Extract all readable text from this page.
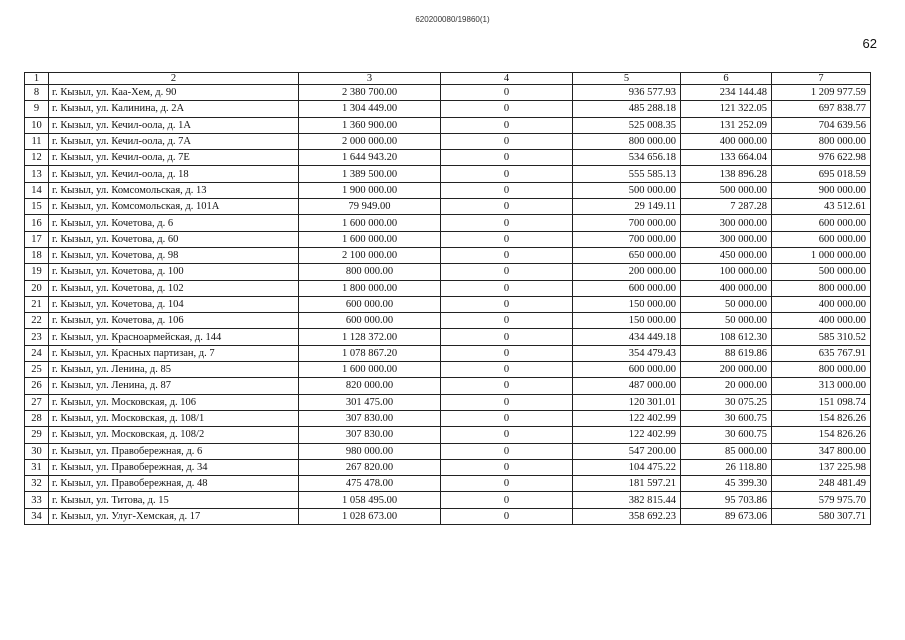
620200080/19860(1)
62
1	2	3	4	5	6	7
8	г. Кызыл, ул. Каа-Хем, д. 90	2 380 700.00	0	936 577.93	234 144.48	1 209 977.59
9	г. Кызыл, ул. Калинина, д. 2А	1 304 449.00	0	485 288.18	121 322.05	697 838.77
10	г. Кызыл, ул. Кечил-оола, д. 1А	1 360 900.00	0	525 008.35	131 252.09	704 639.56
11	г. Кызыл, ул. Кечил-оола, д. 7А	2 000 000.00	0	800 000.00	400 000.00	800 000.00
12	г. Кызыл, ул. Кечил-оола, д. 7Е	1 644 943.20	0	534 656.18	133 664.04	976 622.98
13	г. Кызыл, ул. Кечил-оола, д. 18	1 389 500.00	0	555 585.13	138 896.28	695 018.59
14	г. Кызыл, ул. Комсомольская, д. 13	1 900 000.00	0	500 000.00	500 000.00	900 000.00
15	г. Кызыл, ул. Комсомольская, д. 101А	79 949.00	0	29 149.11	7 287.28	43 512.61
16	г. Кызыл, ул. Кочетова, д. 6	1 600 000.00	0	700 000.00	300 000.00	600 000.00
17	г. Кызыл, ул. Кочетова, д. 60	1 600 000.00	0	700 000.00	300 000.00	600 000.00
18	г. Кызыл, ул. Кочетова, д. 98	2 100 000.00	0	650 000.00	450 000.00	1 000 000.00
19	г. Кызыл, ул. Кочетова, д. 100	800 000.00	0	200 000.00	100 000.00	500 000.00
20	г. Кызыл, ул. Кочетова, д. 102	1 800 000.00	0	600 000.00	400 000.00	800 000.00
21	г. Кызыл, ул. Кочетова, д. 104	600 000.00	0	150 000.00	50 000.00	400 000.00
22	г. Кызыл, ул. Кочетова, д. 106	600 000.00	0	150 000.00	50 000.00	400 000.00
23	г. Кызыл, ул. Красноармейская, д. 144	1 128 372.00	0	434 449.18	108 612.30	585 310.52
24	г. Кызыл, ул. Красных партизан, д. 7	1 078 867.20	0	354 479.43	88 619.86	635 767.91
25	г. Кызыл, ул. Ленина, д. 85	1 600 000.00	0	600 000.00	200 000.00	800 000.00
26	г. Кызыл, ул. Ленина, д. 87	820 000.00	0	487 000.00	20 000.00	313 000.00
27	г. Кызыл, ул. Московская, д. 106	301 475.00	0	120 301.01	30 075.25	151 098.74
28	г. Кызыл, ул. Московская, д. 108/1	307 830.00	0	122 402.99	30 600.75	154 826.26
29	г. Кызыл, ул. Московская, д. 108/2	307 830.00	0	122 402.99	30 600.75	154 826.26
30	г. Кызыл, ул. Правобережная, д. 6	980 000.00	0	547 200.00	85 000.00	347 800.00
31	г. Кызыл, ул. Правобережная, д. 34	267 820.00	0	104 475.22	26 118.80	137 225.98
32	г. Кызыл, ул. Правобережная, д. 48	475 478.00	0	181 597.21	45 399.30	248 481.49
33	г. Кызыл, ул. Титова, д. 15	1 058 495.00	0	382 815.44	95 703.86	579 975.70
34	г. Кызыл, ул. Улуг-Хемская, д. 17	1 028 673.00	0	358 692.23	89 673.06	580 307.71
